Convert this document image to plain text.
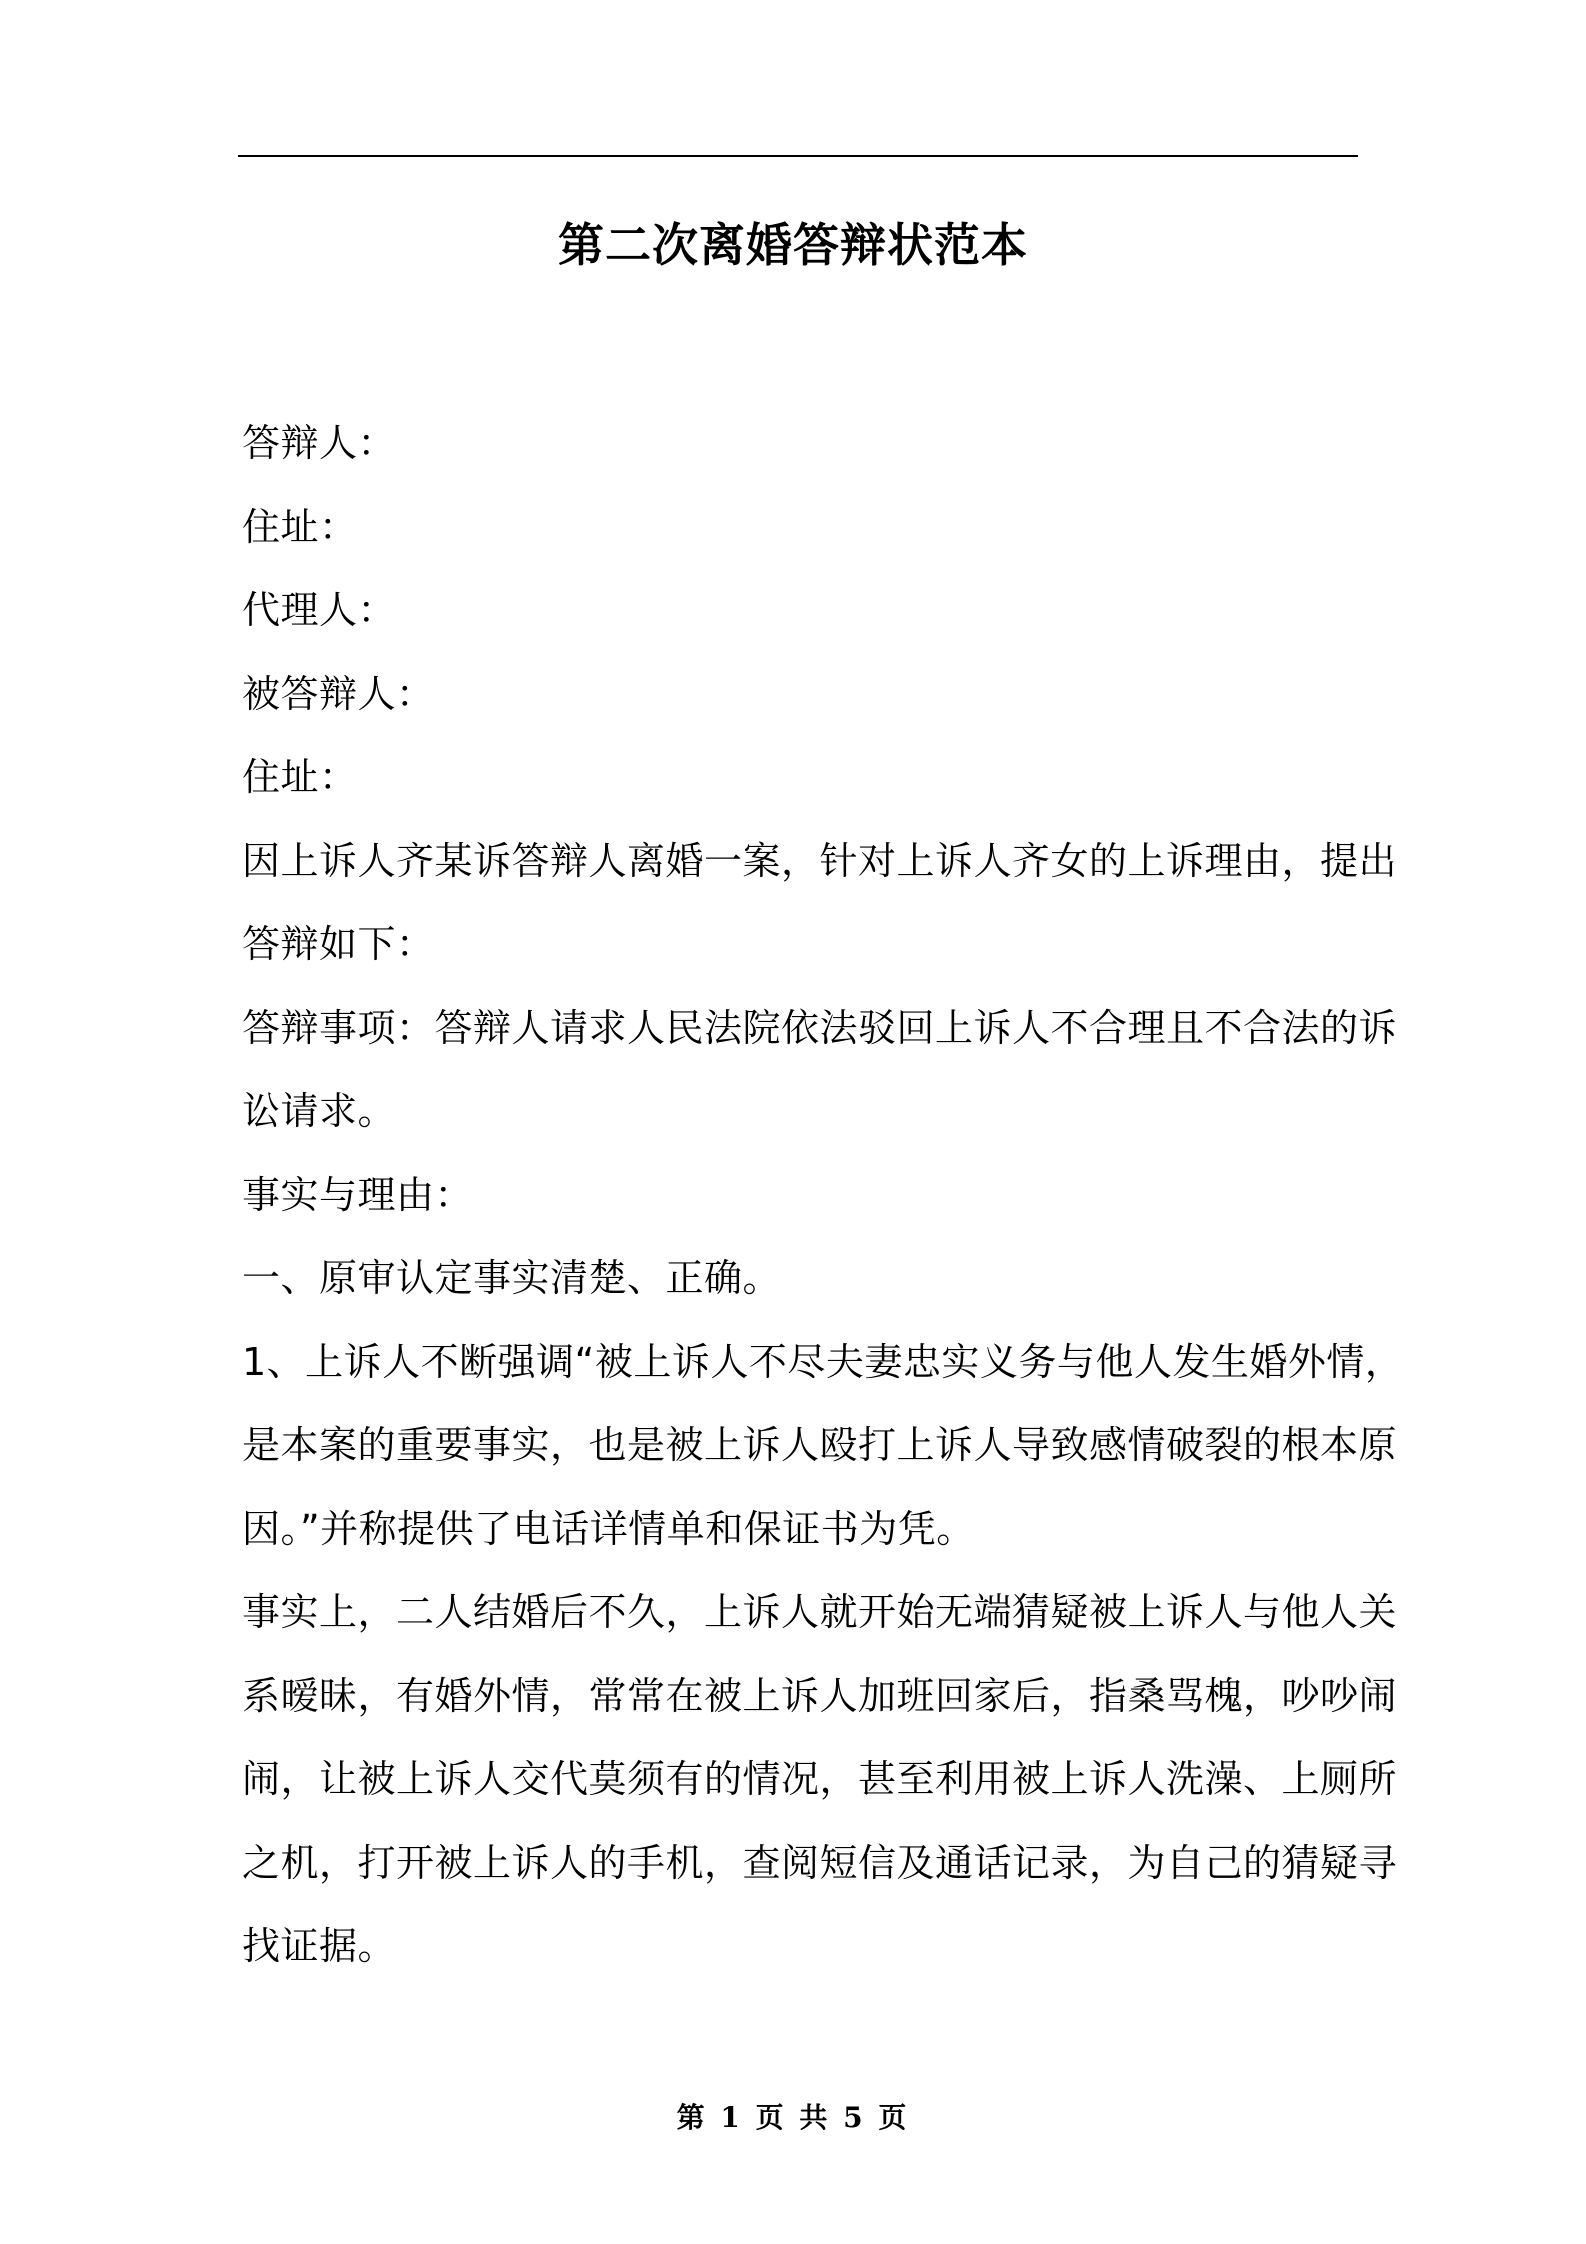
第二次离婚答辩状范本

答辩人：

住址：

代理人：

被答辩人：

住址：

因上诉人齐某诉答辩人离婚一案，针对上诉人齐女的上诉理由，提出

答辩如下：

答辩事项：答辩人请求人民法院依法驳回上诉人不合理且不合法的诉

讼请求。

事实与理由：

一、原审认定事实清楚、正确。

1、上诉人不断强调“被上诉人不尽夫妻忠实义务与他人发生婚外情，

是本案的重要事实，也是被上诉人殴打上诉人导致感情破裂的根本原

因。”并称提供了电话详情单和保证书为凭。

事实上，二人结婚后不久，上诉人就开始无端猜疑被上诉人与他人关

系暧昧，有婚外情，常常在被上诉人加班回家后，指桑骂槐，吵吵闹

闹，让被上诉人交代莫须有的情况，甚至利用被上诉人洗澡、上厕所

之机，打开被上诉人的手机，查阅短信及通话记录，为自己的猜疑寻

找证据。

第 1 页 共 5 页
